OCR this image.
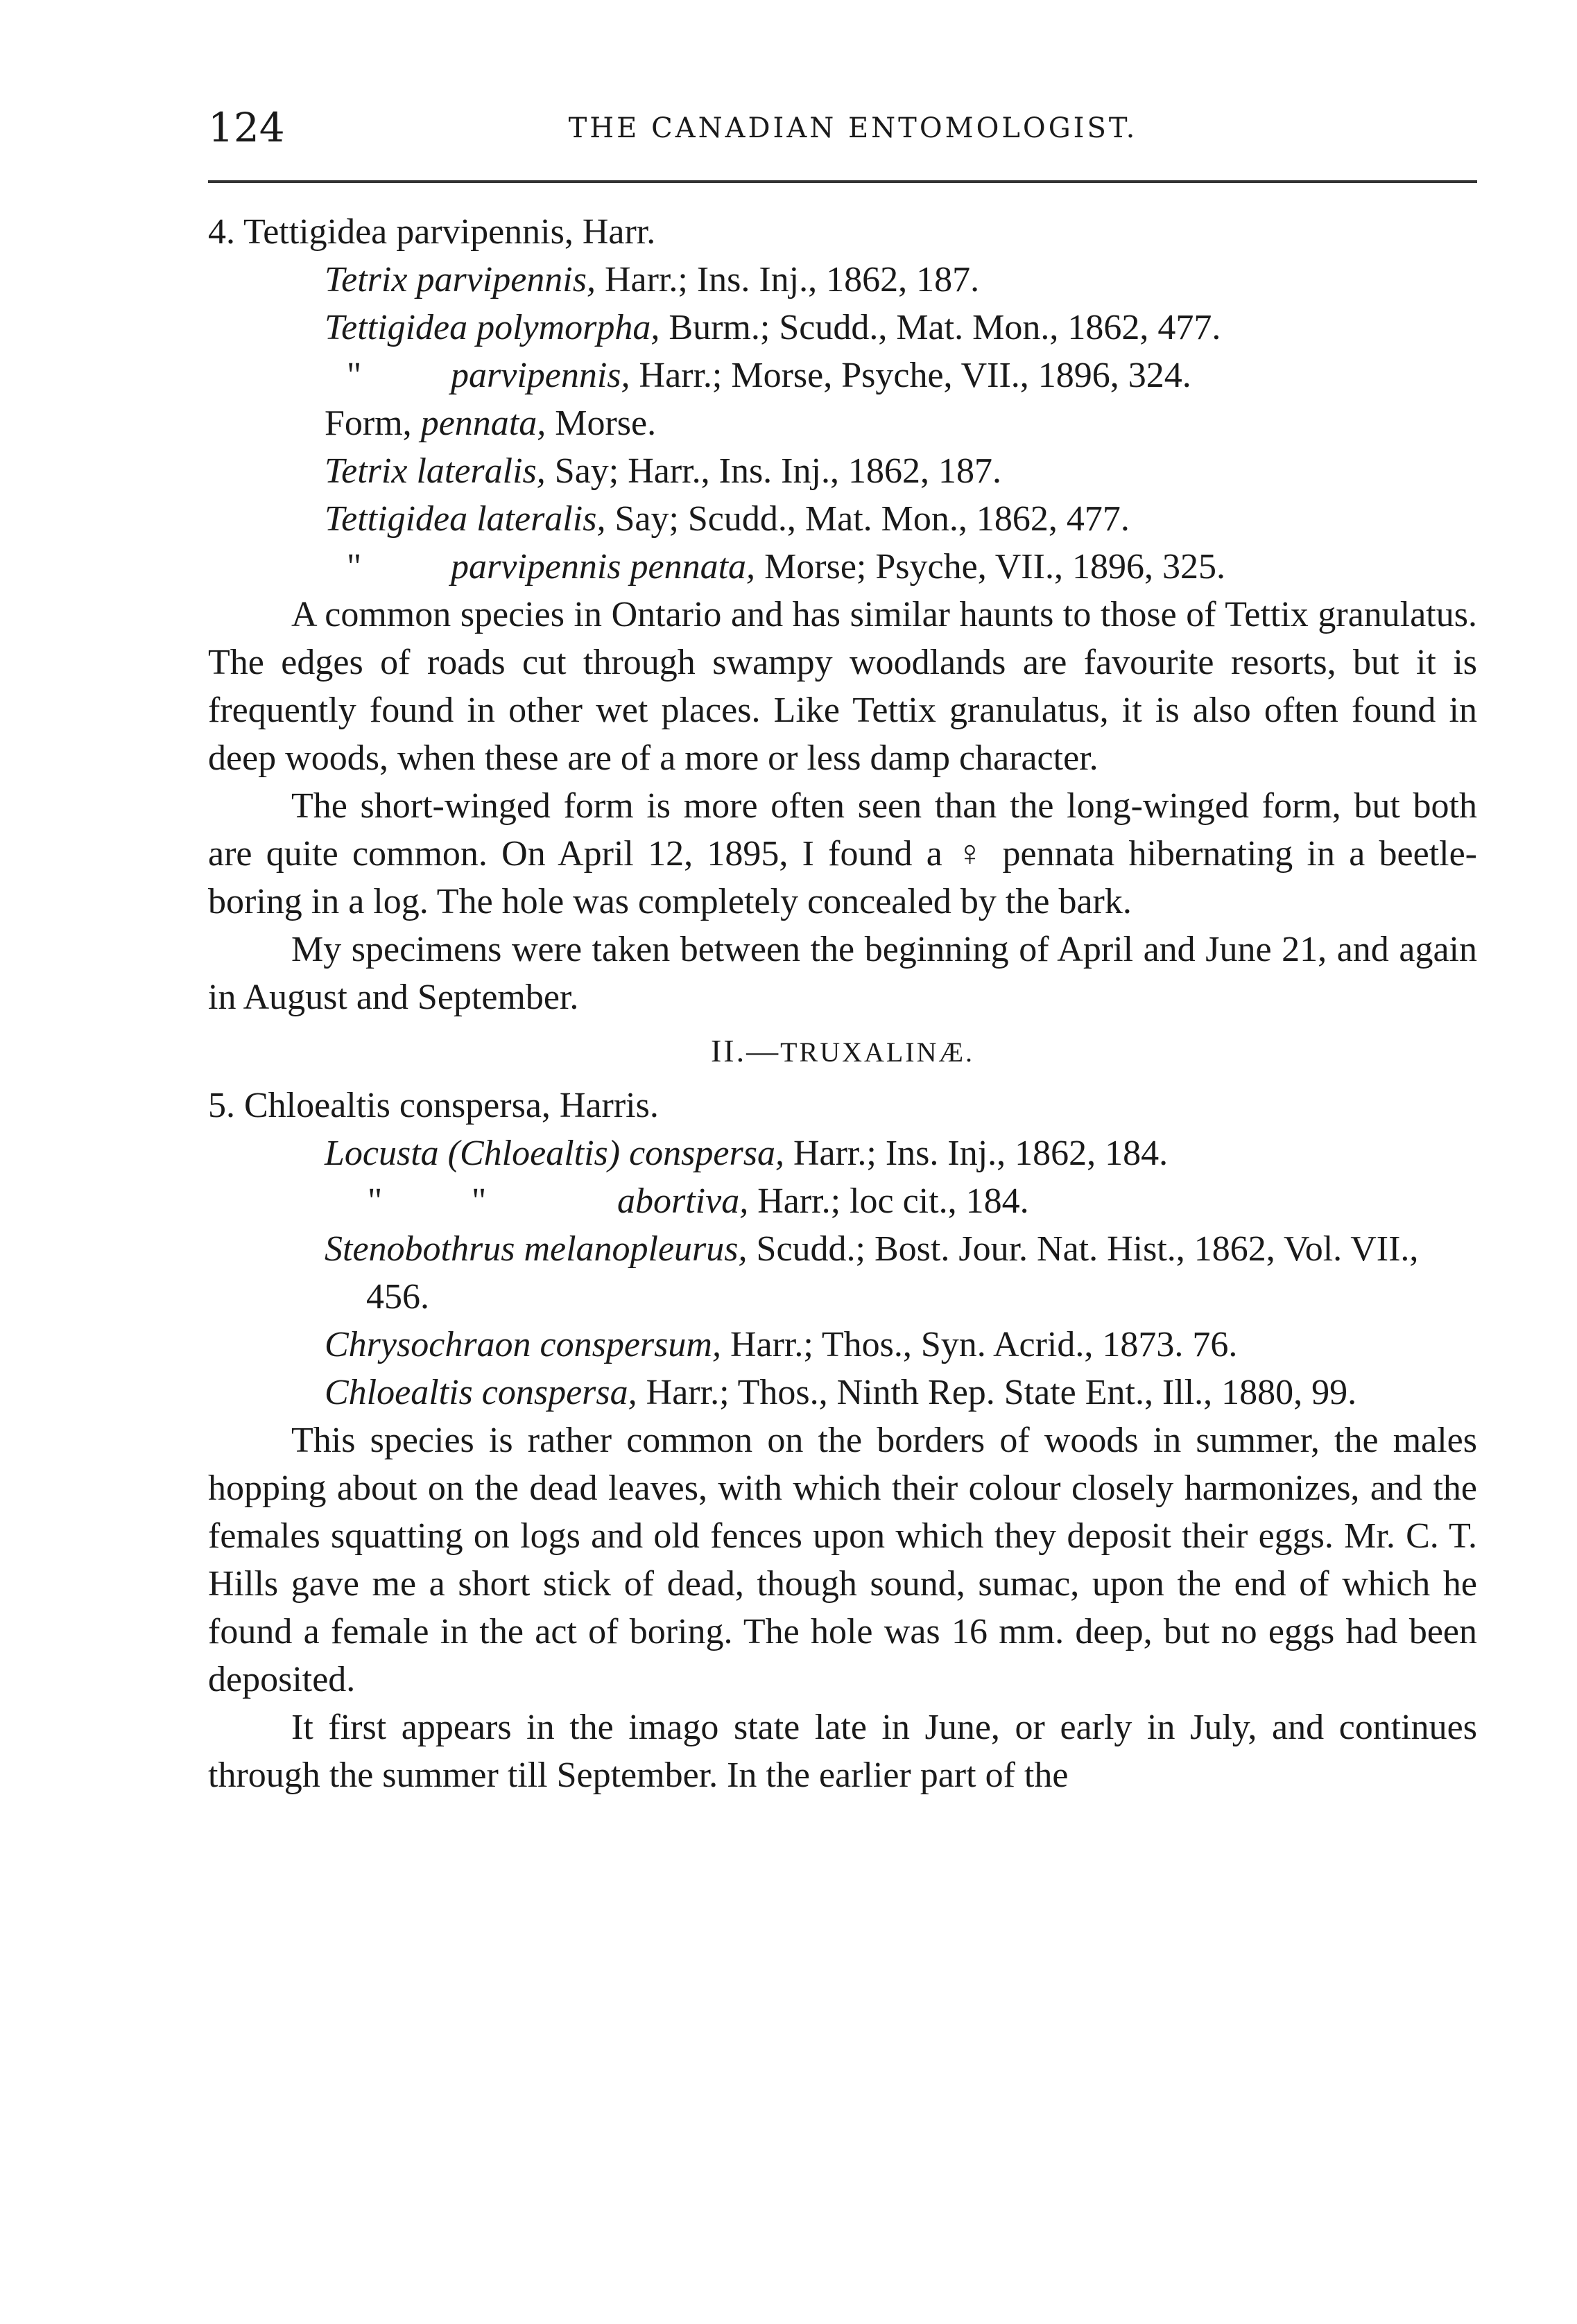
124	THE CANADIAN ENTOMOLOGIST.
4. Tettigidea parvipennis, Harr.
Tetrix parvipennis, Harr.; Ins. Inj., 1862, 187.
Tettigidea polymorpha, Burm.; Scudd., Mat. Mon., 1862, 477.
" parvipennis, Harr.; Morse, Psyche, VII., 1896, 324.
Form, pennata, Morse.
Tetrix lateralis, Say; Harr., Ins. Inj., 1862, 187.
Tettigidea lateralis, Say; Scudd., Mat. Mon., 1862, 477.
" parvipennis pennata, Morse; Psyche, VII., 1896, 325.

A common species in Ontario and has similar haunts to those of Tettix granulatus. The edges of roads cut through swampy woodlands are favourite resorts, but it is frequently found in other wet places. Like Tettix granulatus, it is also often found in deep woods, when these are of a more or less damp character.

The short-winged form is more often seen than the long-winged form, but both are quite common. On April 12, 1895, I found a ♀ pennata hibernating in a beetle-boring in a log. The hole was completely concealed by the bark.

My specimens were taken between the beginning of April and June 21, and again in August and September.

II.—TRUXALINÆ.
5. Chloealtis conspersa, Harris.
Locusta (Chloealtis) conspersa, Harr.; Ins. Inj., 1862, 184.
" "	abortiva, Harr.; loc cit., 184.
Stenobothrus melanopleurus, Scudd.; Bost. Jour. Nat. Hist., 1862, Vol. VII., 456.
Chrysochraon conspersum, Harr.; Thos., Syn. Acrid., 1873. 76.
Chloealtis conspersa, Harr.; Thos., Ninth Rep. State Ent., Ill., 1880, 99.

This species is rather common on the borders of woods in summer, the males hopping about on the dead leaves, with which their colour closely harmonizes, and the females squatting on logs and old fences upon which they deposit their eggs. Mr. C. T. Hills gave me a short stick of dead, though sound, sumac, upon the end of which he found a female in the act of boring. The hole was 16 mm. deep, but no eggs had been deposited.

It first appears in the imago state late in June, or early in July, and continues through the summer till September. In the earlier part of the
